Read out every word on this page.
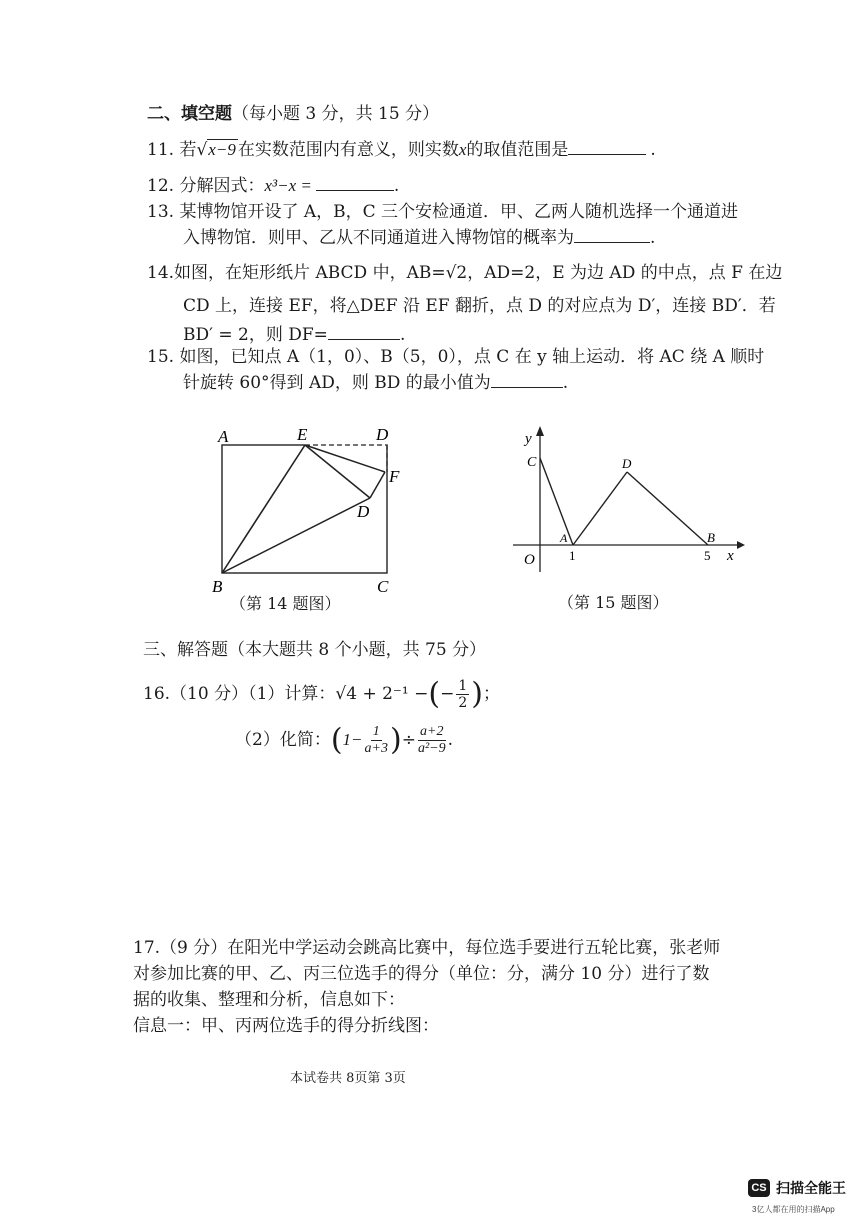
二、填空题（每小题 3 分，共 15 分）
11. 若√x−9 在实数范围内有意义，则实数x的取值范围是	.
12. 分解因式：x³−x =	.
13. 某博物馆开设了 A，B，C 三个安检通道．甲、乙两人随机选择一个通道进
入博物馆．则甲、乙从不同通道进入博物馆的概率为	.
14.如图，在矩形纸片 ABCD 中，AB=√2，AD=2，E 为边 AD 的中点，点 F 在边
CD 上，连接 EF，将△DEF 沿 EF 翻折，点 D 的对应点为 D′，连接 BD′．若
BD′ = 2，则 DF=	.
15. 如图，已知点 A（1，0）、B（5，0），点 C 在 y 轴上运动．将 AC 绕 A 顺时
针旋转 60°得到 AD，则 BD 的最小值为	.
A	E	D
F
D
B	C
（第 14 题图）
y
C	D
A	B
1	5 x
O
（第 15 题图）
三、解答题（本大题共 8 个小题，共 75 分）
16.（10 分）（1）计算：√4 + 2⁻¹ −(− $\frac{1}{2}$ )；
（2）化简：($1- \frac{1}{a+3}$ )÷ $\frac{a+2}{\text{a²−9}}$ .
17.（9 分）在阳光中学运动会跳高比赛中，每位选手要进行五轮比赛，张老师
对参加比赛的甲、乙、丙三位选手的得分（单位：分，满分 10 分）进行了数
据的收集、整理和分析，信息如下：
信息一：甲、丙两位选手的得分折线图：
本试卷共 8页第 3页
CS 扫描全能王
3亿人都在用的扫描App
